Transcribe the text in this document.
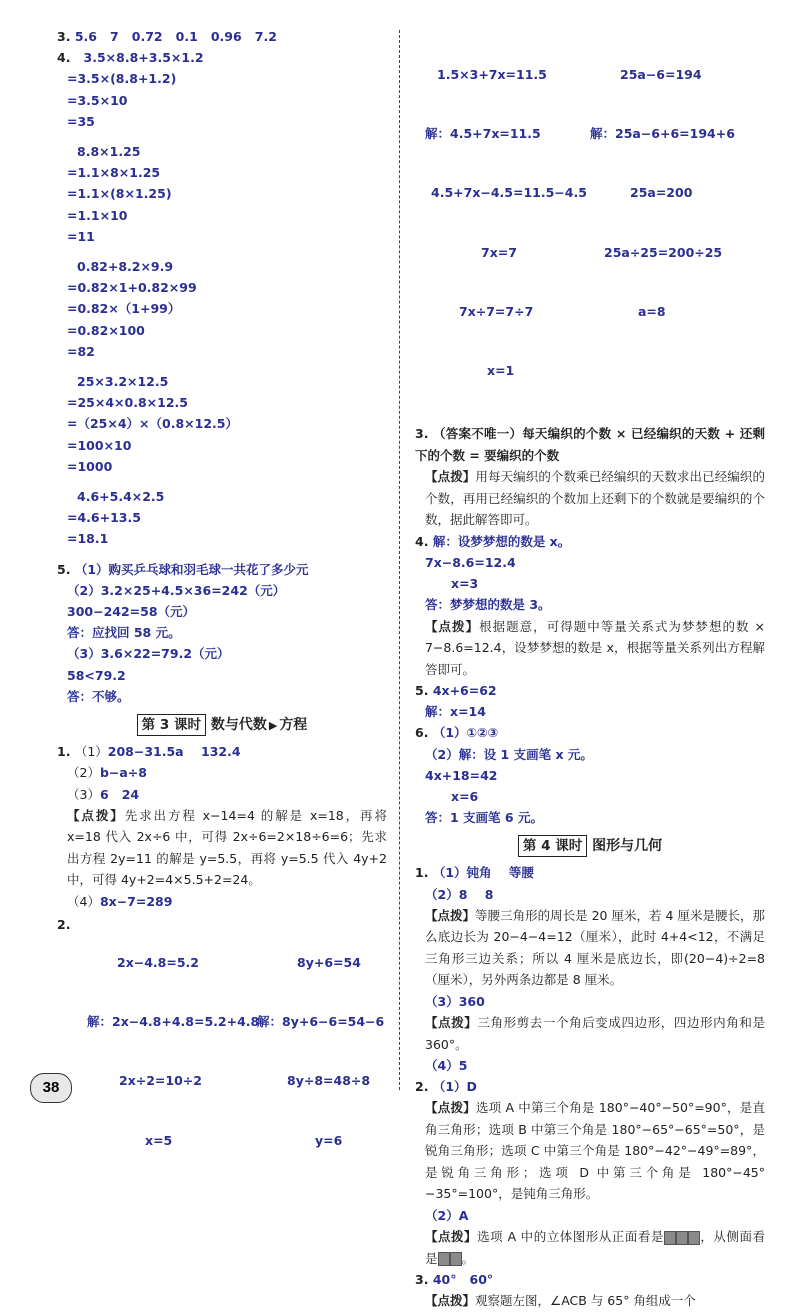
3. 5.6   7   0.72   0.1   0.96   7.2
4. 3.5×8.8+3.5×1.2
=3.5×(8.8+1.2)
=3.5×10
=35

8.8×1.25
=1.1×8×1.25
=1.1×(8×1.25)
=1.1×10
=11

0.82+8.2×9.9
=0.82×1+0.82×99
=0.82×（1+99）
=0.82×100
=82

25×3.2×12.5
=25×4×0.8×12.5
=（25×4）×（0.8×12.5）
=100×10
=1000

4.6+5.4×2.5
=4.6+13.5
=18.1

5. （1）购买乒乓球和羽毛球一共花了多少元
（2）3.2×25+4.5×36=242（元）
300−242=58（元）
答：应找回 58 元。
（3）3.6×22=79.2（元）
58<79.2
答：不够。
第 3 课时 数与代数 ▶ 方程
1. （1）208−31.5a    132.4
（2）b−a÷8
（3）6   24
【点拨】先求出方程 x−14=4 的解是 x=18，再将 x=18 代入 2x÷6 中，可得 2x÷6=2×18÷6=6；先求出方程 2y=11 的解是 y=5.5，再将 y=5.5 代入 4y+2 中，可得 4y+2=4×5.5+2=24。
（4）8x−7=289
2.

2x−4.8=5.2

解：2x−4.8+4.8=5.2+4.8

2x÷2=10÷2

x=5

8y+6=54

解：8y+6−6=54−6

8y÷8=48÷8

y=6

1.5×3+7x=11.5

解：4.5+7x=11.5

4.5+7x−4.5=11.5−4.5

7x=7

7x÷7=7÷7

x=1

25a−6=194

解：25a−6+6=194+6

25a=200

25a÷25=200÷25

a=8

3. （答案不唯一）每天编织的个数 × 已经编织的天数 + 还剩下的个数 = 要编织的个数
【点拨】用每天编织的个数乘已经编织的天数求出已经编织的个数，再用已经编织的个数加上还剩下的个数就是要编织的个数，据此解答即可。
4. 解：设梦梦想的数是 x。
7x−8.6=12.4
x=3
答：梦梦想的数是 3。
【点拨】根据题意，可得题中等量关系式为梦梦想的数 × 7−8.6=12.4，设梦梦想的数是 x，根据等量关系列出方程解答即可。
5. 4x+6=62
解：x=14
6. （1）①②③
（2）解：设 1 支画笔 x 元。
4x+18=42
x=6
答：1 支画笔 6 元。
第 4 课时 图形与几何
1. （1）钝角    等腰
（2）8    8
【点拨】等腰三角形的周长是 20 厘米，若 4 厘米是腰长，那么底边长为 20−4−4=12（厘米），此时 4+4<12，不满足三角形三边关系；所以 4 厘米是底边长，即(20−4)÷2=8（厘米），另外两条边都是 8 厘米。
（3）360
【点拨】三角形剪去一个角后变成四边形，四边形内角和是 360°。
（4）5
2. （1）D
【点拨】选项 A 中第三个角是 180°−40°−50°=90°，是直角三角形；选项 B 中第三个角是 180°−65°−65°=50°，是锐角三角形；选项 C 中第三个角是 180°−42°−49°=89°，是锐角三角形；选项 D 中第三个角是 180°−45°−35°=100°，是钝角三角形。
（2）A
【点拨】选项 A 中的立体图形从正面看是	，从侧面看是 。
3. 40°   60°
【点拨】观察题左图，∠ACB 与 65° 角组成一个
38
